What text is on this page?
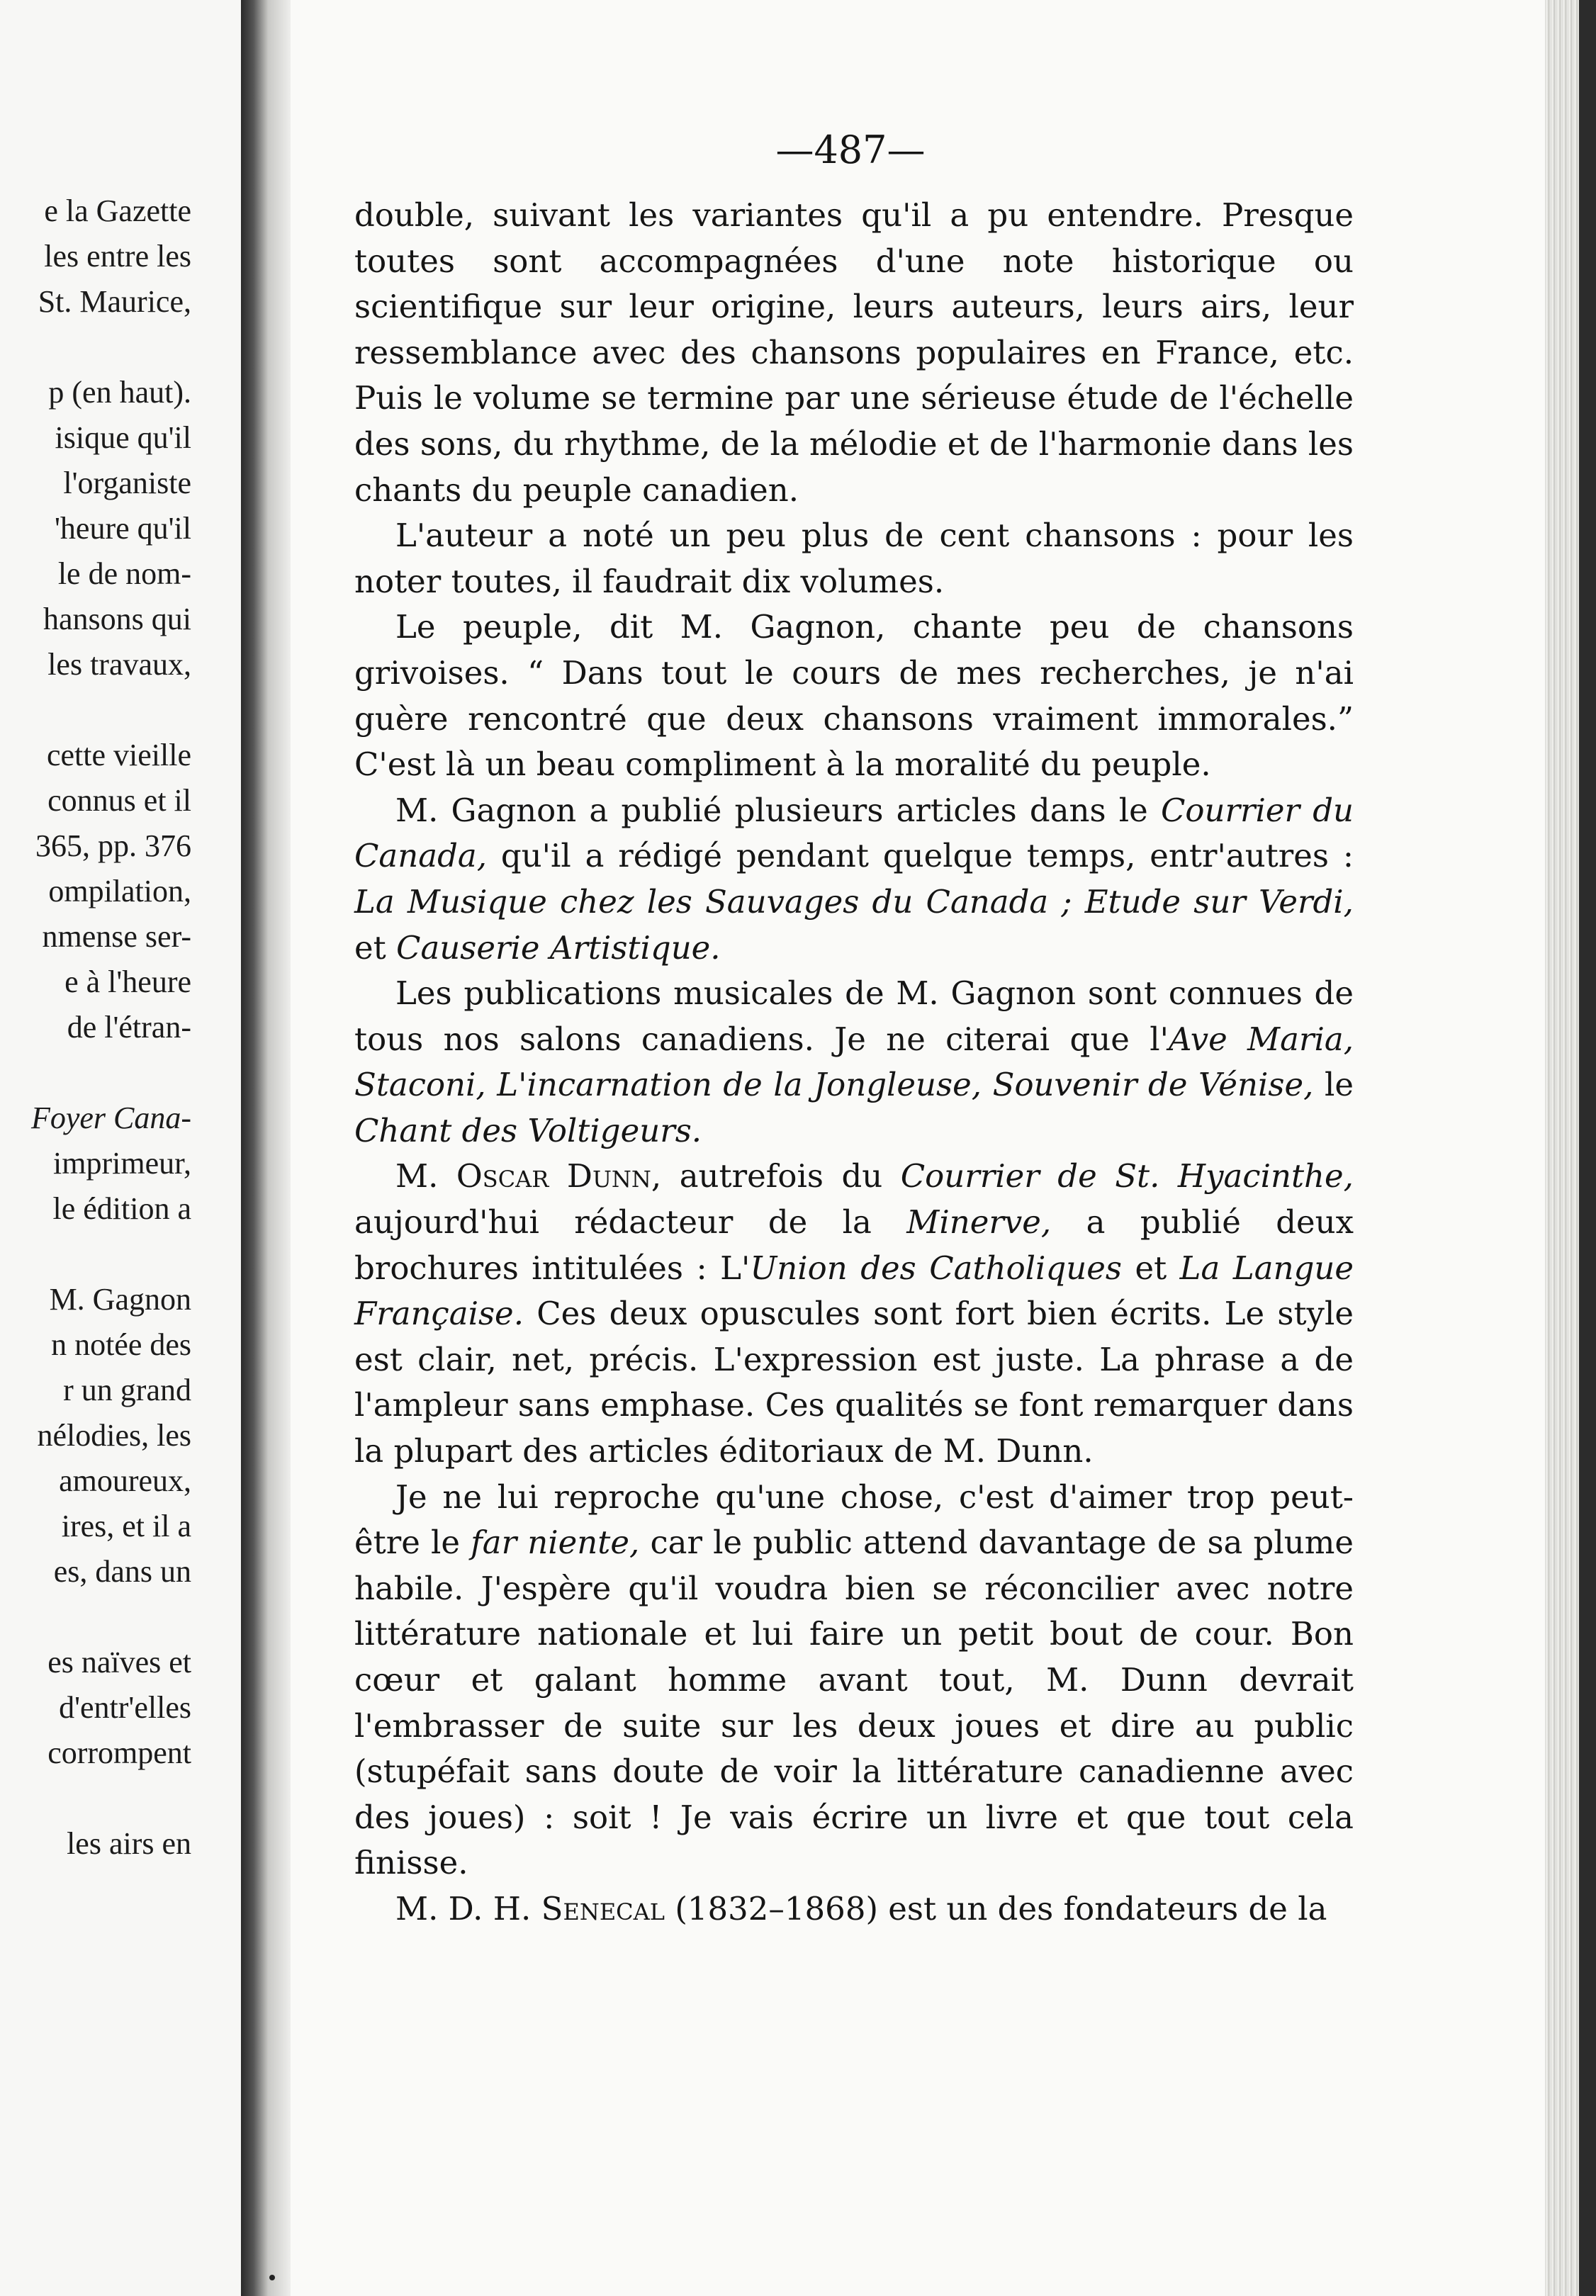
e la Gazette
les entre les
St. Maurice,
p (en haut).
isique qu'il
l'organiste
'heure qu'il
le de nom-
hansons qui
les travaux,
cette vieille
connus et il
365, pp. 376
ompilation,
nmense ser-
e à l'heure
de l'étran-
Foyer Cana-
imprimeur,
le édition a
M. Gagnon
n notée des
r un grand
nélodies, les
amoureux,
ires, et il a
es, dans un
es naïves et
d'entr'elles
corrompent
les airs en
—487—

double, suivant les variantes qu'il a pu entendre. Presque toutes sont accompagnées d'une note historique ou scientifique sur leur origine, leurs auteurs, leurs airs, leur ressemblance avec des chansons populaires en France, etc. Puis le volume se termine par une sérieuse étude de l'échelle des sons, du rhythme, de la mélodie et de l'harmonie dans les chants du peuple canadien.

L'auteur a noté un peu plus de cent chansons : pour les noter toutes, il faudrait dix volumes.

Le peuple, dit M. Gagnon, chante peu de chansons grivoises. “ Dans tout le cours de mes recherches, je n'ai guère rencontré que deux chansons vraiment immorales.” C'est là un beau compliment à la moralité du peuple.

M. Gagnon a publié plusieurs articles dans le Courrier du Canada, qu'il a rédigé pendant quelque temps, entr'autres : La Musique chez les Sauvages du Canada ; Etude sur Verdi, et Causerie Artistique.

Les publications musicales de M. Gagnon sont connues de tous nos salons canadiens. Je ne citerai que l'Ave Maria, Staconi, L'incarnation de la Jongleuse, Souvenir de Vénise, le Chant des Voltigeurs.

M. Oscar Dunn, autrefois du Courrier de St. Hyacinthe, aujourd'hui rédacteur de la Minerve, a publié deux brochures intitulées : L'Union des Catholiques et La Langue Française. Ces deux opuscules sont fort bien écrits. Le style est clair, net, précis. L'expression est juste. La phrase a de l'ampleur sans emphase. Ces qualités se font remarquer dans la plupart des articles éditoriaux de M. Dunn.

Je ne lui reproche qu'une chose, c'est d'aimer trop peut-être le far niente, car le public attend davantage de sa plume habile. J'espère qu'il voudra bien se réconcilier avec notre littérature nationale et lui faire un petit bout de cour. Bon cœur et galant homme avant tout, M. Dunn devrait l'embrasser de suite sur les deux joues et dire au public (stupéfait sans doute de voir la littérature canadienne avec des joues) : soit ! Je vais écrire un livre et que tout cela finisse.

M. D. H. Senecal (1832–1868) est un des fondateurs de la
